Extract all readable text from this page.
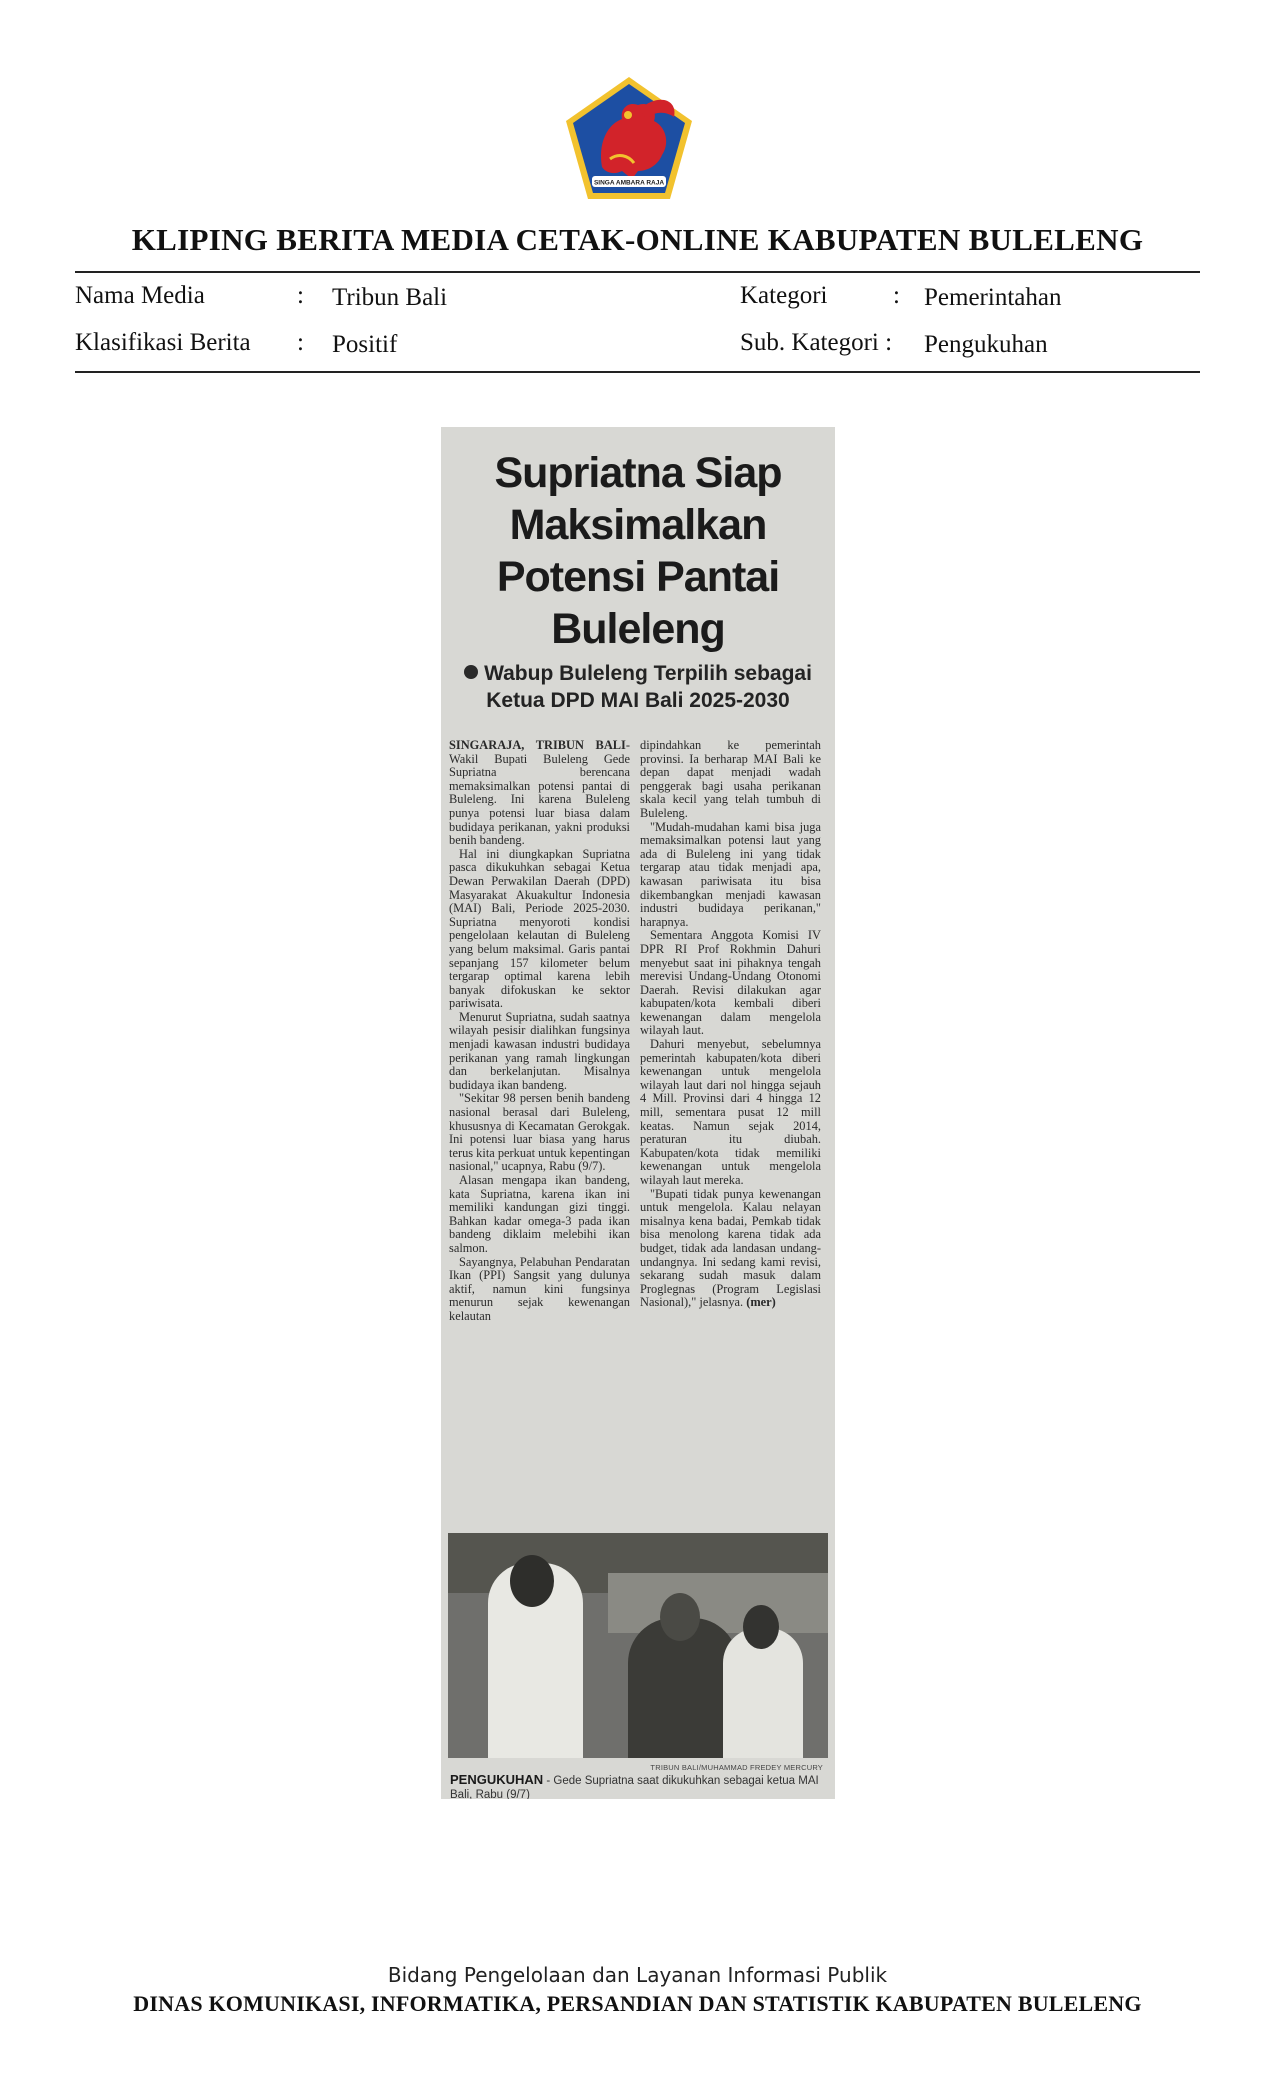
SINGA AMBARA RAJA
KLIPING BERITA MEDIA CETAK-ONLINE KABUPATEN BULELENG
Nama Media	: Tribun Bali	Kategori	: Pemerintahan
Klasifikasi Berita : Positif	Sub. Kategori : Pengukuhan
Supriatna Siap
Maksimalkan
Potensi Pantai
Buleleng
Wabup Buleleng Terpilih sebagai Ketua DPD MAI Bali 2025-2030

SINGARAJA, TRIBUN BALI- Wakil Bupati Buleleng Gede Supriatna berencana memaksimalkan potensi pantai di Buleleng. Ini karena Buleleng punya potensi luar biasa dalam budidaya perikanan, yakni produksi benih bandeng.

Hal ini diungkapkan Supriatna pasca dikukuhkan sebagai Ketua Dewan Perwakilan Daerah (DPD) Masyarakat Akuakultur Indonesia (MAI) Bali, Periode 2025-2030. Supriatna menyoroti kondisi pengelolaan kelautan di Buleleng yang belum maksimal. Garis pantai sepanjang 157 kilometer belum tergarap optimal karena lebih banyak difokuskan ke sektor pariwisata.

Menurut Supriatna, sudah saatnya wilayah pesisir dialihkan fungsinya menjadi kawasan industri budidaya perikanan yang ramah lingkungan dan berkelanjutan. Misalnya budidaya ikan bandeng.

"Sekitar 98 persen benih bandeng nasional berasal dari Buleleng, khususnya di Kecamatan Gerokgak. Ini potensi luar biasa yang harus terus kita perkuat untuk kepentingan nasional," ucapnya, Rabu (9/7).

Alasan mengapa ikan bandeng, kata Supriatna, karena ikan ini memiliki kandungan gizi tinggi. Bahkan kadar omega-3 pada ikan bandeng diklaim melebihi ikan salmon.

Sayangnya, Pelabuhan Pendaratan Ikan (PPI) Sangsit yang dulunya aktif, namun kini fungsinya menurun sejak kewenangan kelautan

dipindahkan ke pemerintah provinsi. Ia berharap MAI Bali ke depan dapat menjadi wadah penggerak bagi usaha perikanan skala kecil yang telah tumbuh di Buleleng.

"Mudah-mudahan kami bisa juga memaksimalkan potensi laut yang ada di Buleleng ini yang tidak tergarap atau tidak menjadi apa, kawasan pariwisata itu bisa dikembangkan menjadi kawasan industri budidaya perikanan," harapnya.

Sementara Anggota Komisi IV DPR RI Prof Rokhmin Dahuri menyebut saat ini pihaknya tengah merevisi Undang-Undang Otonomi Daerah. Revisi dilakukan agar kabupaten/kota kembali diberi kewenangan dalam mengelola wilayah laut.

Dahuri menyebut, sebelumnya pemerintah kabupaten/kota diberi kewenangan untuk mengelola wilayah laut dari nol hingga sejauh 4 Mill. Provinsi dari 4 hingga 12 mill, sementara pusat 12 mill keatas. Namun sejak 2014, peraturan itu diubah. Kabupaten/kota tidak memiliki kewenangan untuk mengelola wilayah laut mereka.

"Bupati tidak punya kewenangan untuk mengelola. Kalau nelayan misalnya kena badai, Pemkab tidak bisa menolong karena tidak ada budget, tidak ada landasan undang-undangnya. Ini sedang kami revisi, sekarang sudah masuk dalam Proglegnas (Program Legislasi Nasional)," jelasnya. (mer)

TRIBUN BALI/MUHAMMAD FREDEY MERCURY
PENGUKUHAN - Gede Supriatna saat dikukuhkan sebagai ketua MAI Bali, Rabu (9/7)
Bidang Pengelolaan dan Layanan Informasi Publik
DINAS KOMUNIKASI, INFORMATIKA, PERSANDIAN DAN STATISTIK KABUPATEN BULELENG
